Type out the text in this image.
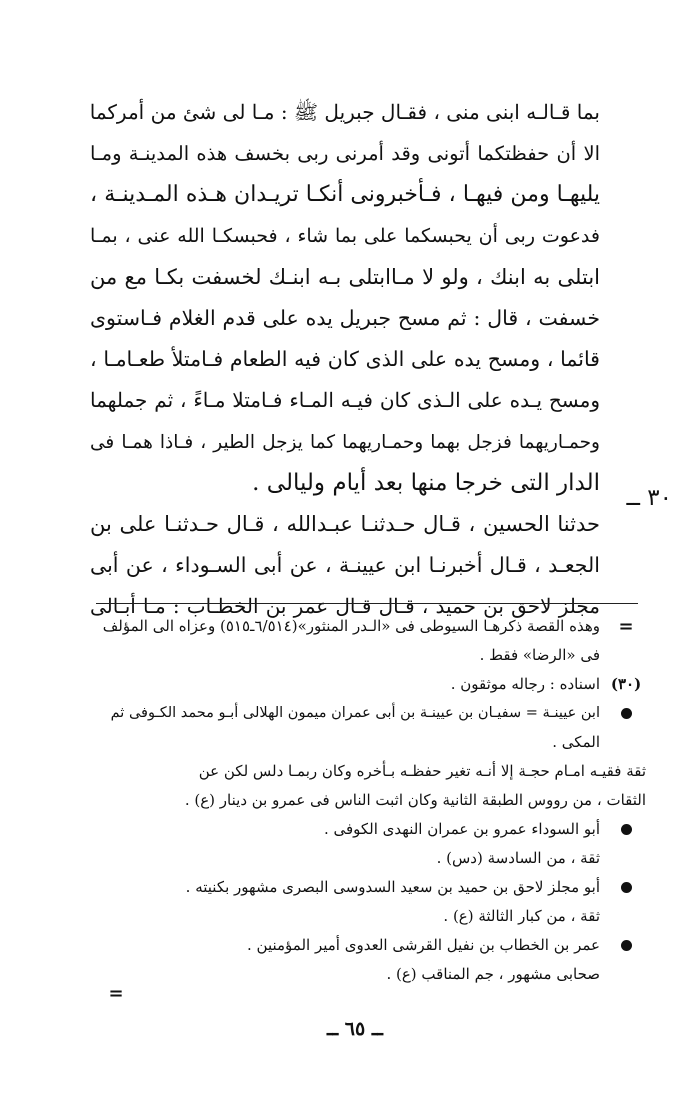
بما قـالـه ابنى منى ، فقـال جبريل ﷺ : مـا لى شئ من أمركما
الا أن حفظتكما أتونى وقد أمرنى ربى بخسف هذه المدينـة ومـا
يليهـا ومن فيهـا ، فـأخبرونى أنكـا تريـدان هـذه المـدينـة ،
فدعوت ربى أن يحبسكما على بما شاء ، فحبسكـا الله عنى ، بمـا
ابتلى به ابنك ، ولو لا مـاابتلى بـه ابنـك لخسفت بكـا مع من
خسفت ، قال : ثم مسح جبريل يده على قدم الغلام فـاستوى
قائما ، ومسح يده على الذى كان فيه الطعام فـامتلأ طعـامـا ،
ومسح يـده على الـذى كان فيـه المـاء فـامتلا مـاءً ، ثم جملهما
وحمـاريهما فزجل بهما وحمـاريهما كما يزجل الطير ، فـاذا همـا فى
الدار التى خرجا منها بعد أيام وليالى .
حدثنا الحسين ، قـال حـدثنـا عبـدالله ، قـال حـدثنـا على بن
الجعـد ، قـال أخبرنـا ابن عيينـة ، عن أبى السـوداء ، عن أبى
مجلز لاحق بن حميد ، قـال قـال عمر بن الخطـاب : مـا أبـالى
٣٠ ــ
=
وهذه القصة ذكرهـا السيوطى فى «الـدر المنثور»(٦/٥١٤ـ٥١٥) وعزاه الى المؤلف
فى «الرضا» فقط .
(٣٠)
اسناده : رجاله موثقون .
ابن عيينـة = سفيـان بن عيينـة بن أبى عمران ميمون الهلالى أبـو محمد الكـوفى ثم
المكى .
ثقة فقيـه امـام حجـة إلا أنـه تغير حفظـه بـأخره وكان ربمـا دلس لكن عن
الثقات ، من رووس الطبقة الثانية وكان اثبت الناس فى عمرو بن دينار (ع) .
أبو السوداء عمرو بن عمران النهدى الكوفى .
ثقة ، من السادسة (دس) .
أبو مجلز لاحق بن حميد بن سعيد السدوسى البصرى مشهور بكنيته .
ثقة ، من كبار الثالثة (ع) .
عمر بن الخطاب بن نفيل القرشى العدوى أمير المؤمنين .
صحابى مشهور ، جم المناقب (ع) .
ــ ٦٥ ــ
=
